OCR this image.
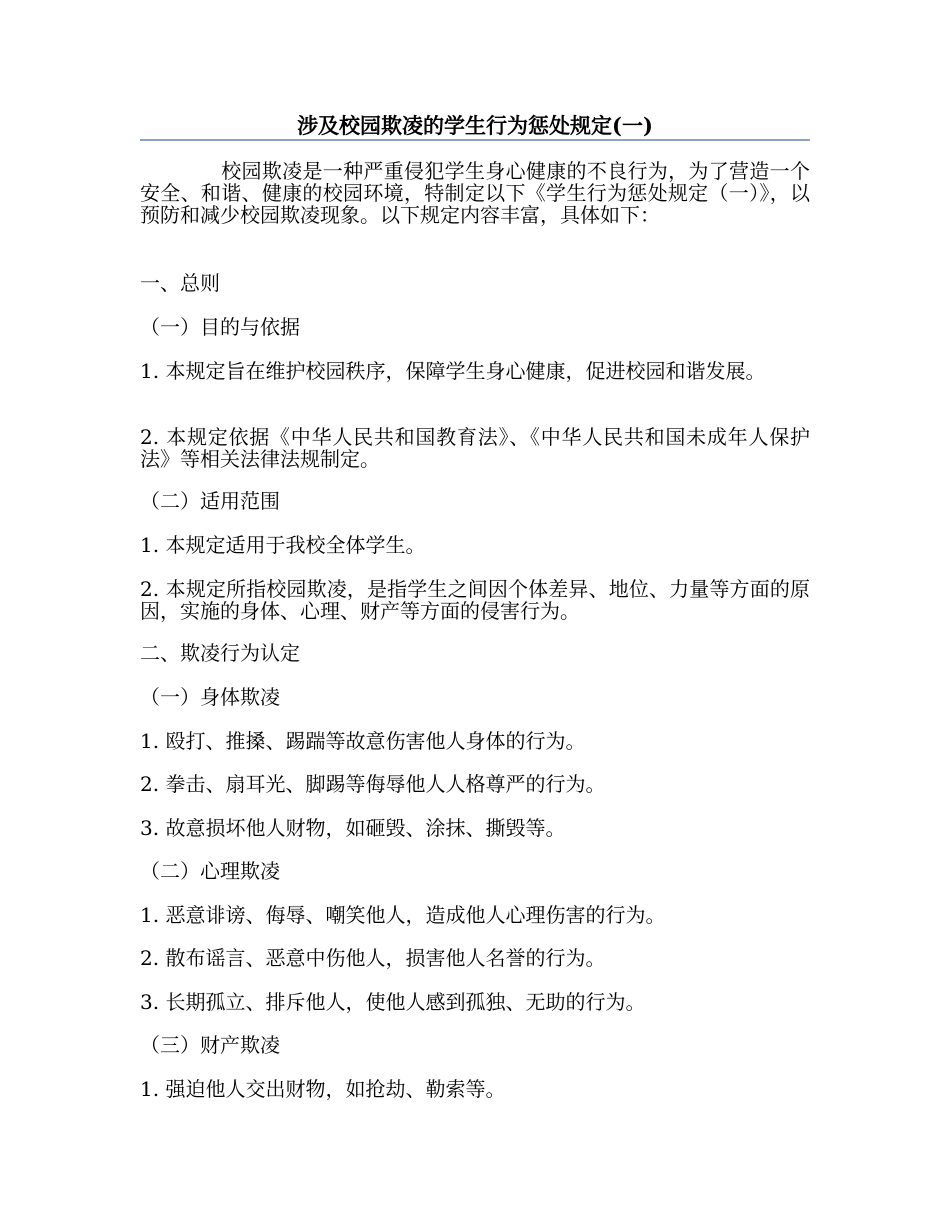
涉及校园欺凌的学生行为惩处规定(一)
　　　　校园欺凌是一种严重侵犯学生身心健康的不良行为，为了营造一个安全、和谐、健康的校园环境，特制定以下《学生行为惩处规定（一）》，以预防和减少校园欺凌现象。以下规定内容丰富，具体如下：
一、总则
（一）目的与依据
1. 本规定旨在维护校园秩序，保障学生身心健康，促进校园和谐发展。
2. 本规定依据《中华人民共和国教育法》、《中华人民共和国未成年人保护法》等相关法律法规制定。
（二）适用范围
1. 本规定适用于我校全体学生。
2. 本规定所指校园欺凌，是指学生之间因个体差异、地位、力量等方面的原因，实施的身体、心理、财产等方面的侵害行为。
二、欺凌行为认定
（一）身体欺凌
1. 殴打、推搡、踢踹等故意伤害他人身体的行为。
2. 拳击、扇耳光、脚踢等侮辱他人人格尊严的行为。
3. 故意损坏他人财物，如砸毁、涂抹、撕毁等。
（二）心理欺凌
1. 恶意诽谤、侮辱、嘲笑他人，造成他人心理伤害的行为。
2. 散布谣言、恶意中伤他人，损害他人名誉的行为。
3. 长期孤立、排斥他人，使他人感到孤独、无助的行为。
（三）财产欺凌
1. 强迫他人交出财物，如抢劫、勒索等。
